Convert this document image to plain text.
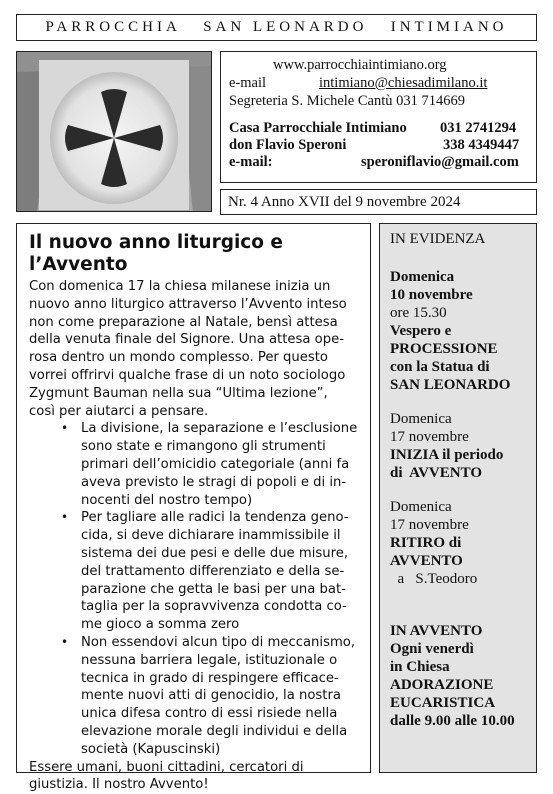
PARROCCHIA   SAN LEONARDO   INTIMIANO
www.parrocchiaintimiano.org
e-mail	intimiano@chiesadimilano.it
Segreteria S. Michele Cantù 031 714669
Casa Parrocchiale Intimiano 031 2741294
don Flavio Speroni	338 4349447
e-mail:	speroniflavio@gmail.com
Nr. 4 Anno XVII del 9 novembre 2024
Il nuovo anno liturgico e l’Avvento

Con domenica 17 la chiesa milanese inizia un
nuovo anno liturgico attraverso l’Avvento inteso
non come preparazione al Natale, bensì attesa
della venuta finale del Signore. Una attesa ope-
rosa dentro un mondo complesso. Per questo
vorrei offrirvi qualche frase di un noto sociologo
Zygmunt Bauman nella sua “Ultima lezione”,
così per aiutarci a pensare.

• La divisione, la separazione e l’esclusione
sono state e rimangono gli strumenti
primari dell’omicidio categoriale (anni fa
aveva previsto le stragi di popoli e di in-
nocenti del nostro tempo)
• Per tagliare alle radici la tendenza geno-
cida, si deve dichiarare inammissibile il
sistema dei due pesi e delle due misure,
del trattamento differenziato e della se-
parazione che getta le basi per una bat-
taglia per la sopravvivenza condotta co-
me gioco a somma zero
• Non essendovi alcun tipo di meccanismo,
nessuna barriera legale, istituzionale o
tecnica in grado di respingere efficace-
mente nuovi atti di genocidio, la nostra
unica difesa contro di essi risiede nella
elevazione morale degli individui e della
società (Kapuscinski)

Essere umani, buoni cittadini, cercatori di
giustizia. Il nostro Avvento!

IN EVIDENZA
Domenica
10 novembre
ore 15.30
Vespero e
PROCESSIONE
con la Statua di
SAN LEONARDO
Domenica
17 novembre
INIZIA il periodo
di  AVVENTO
Domenica
17 novembre
RITIRO di
AVVENTO
a   S.Teodoro

IN AVVENTO
Ogni venerdì
in Chiesa
ADORAZIONE
EUCARISTICA
dalle 9.00 alle 10.00
